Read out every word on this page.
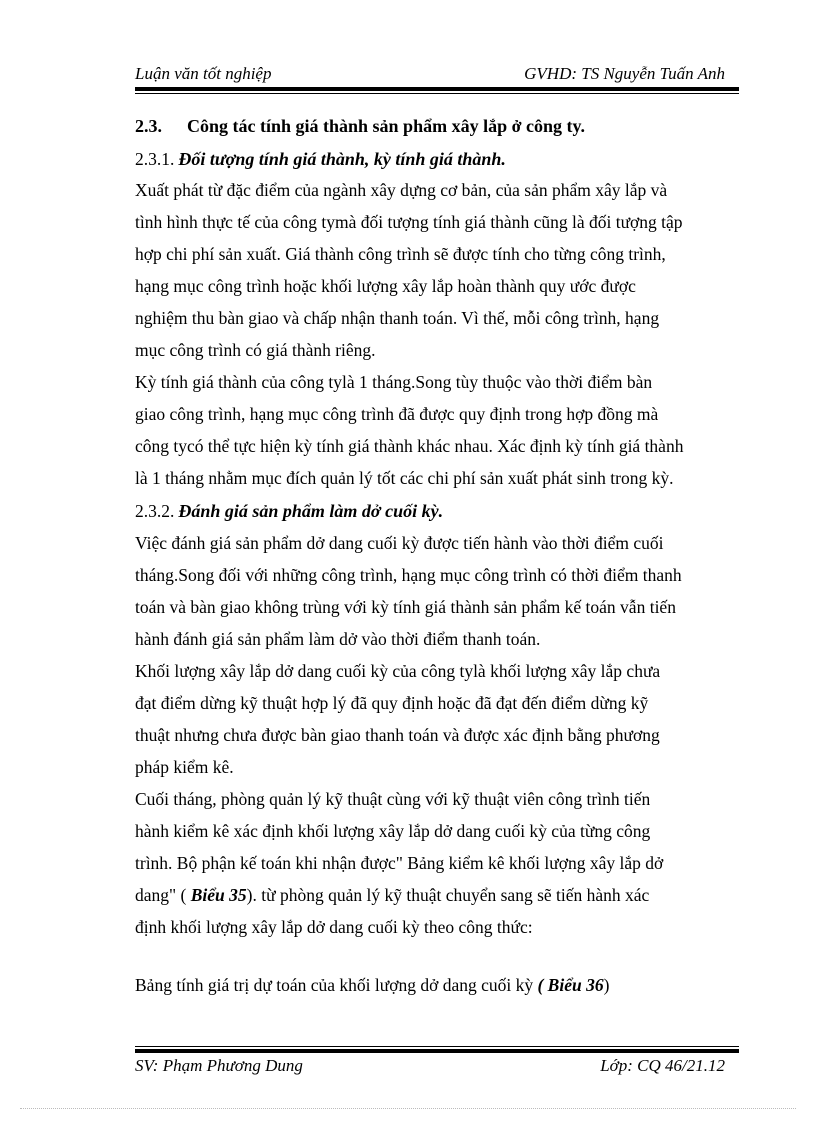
Luận văn tốt nghiệp	GVHD: TS Nguyễn Tuấn Anh
2.3. Công tác tính giá thành sản phẩm xây lắp ở công ty.
2.3.1. Đối tượng tính giá thành, kỳ tính giá thành.
Xuất phát từ đặc điểm của ngành xây dựng cơ bản, của sản phẩm xây lắp và
tình hình thực tế của công tymà đối tượng tính giá thành cũng là đối tượng tập
hợp chi phí sản xuất. Giá thành công trình sẽ được tính cho từng công trình,
hạng mục công trình hoặc khối lượng xây lắp hoàn thành quy ước được
nghiệm thu bàn giao và chấp nhận thanh toán. Vì thế, mỗi công trình, hạng
mục công trình có giá thành riêng.
Kỳ tính giá thành của công tylà 1 tháng.Song tùy thuộc vào thời điểm bàn
giao công trình, hạng mục công trình đã được quy định trong hợp đồng mà
công tycó thể tực hiện kỳ tính giá thành khác nhau. Xác định kỳ tính giá thành
là 1 tháng nhằm mục đích quản lý tốt các chi phí sản xuất phát sinh trong kỳ.
2.3.2. Đánh giá sản phẩm làm dở cuối kỳ.
Việc đánh giá sản phẩm dở dang cuối kỳ được tiến hành vào thời điểm cuối
tháng.Song đối với những công trình, hạng mục công trình có thời điểm thanh
toán và bàn giao không trùng với kỳ tính giá thành sản phẩm kế toán vẫn tiến
hành đánh giá sản phẩm làm dở vào thời điểm thanh toán.
Khối lượng xây lắp dở dang cuối kỳ của công tylà khối lượng xây lắp chưa
đạt điểm dừng kỹ thuật hợp lý đã quy định hoặc đã đạt đến điểm dừng kỹ
thuật nhưng chưa được bàn giao thanh toán và được xác định bằng phương
pháp kiểm kê.
Cuối tháng, phòng quản lý kỹ thuật cùng với kỹ thuật viên công trình tiến
hành kiểm kê xác định khối lượng xây lắp dở dang cuối kỳ của từng công
trình. Bộ phận kế toán khi nhận được" Bảng kiểm kê khối lượng xây lắp dở
dang" ( Biểu 35). từ phòng quản lý kỹ thuật chuyển sang sẽ tiến hành xác
định khối lượng xây lắp dở dang cuối kỳ theo công thức:
Bảng tính giá trị dự toán của khối lượng dở dang cuối kỳ ( Biểu 36)
SV: Phạm Phương Dung	Lớp: CQ 46/21.12
